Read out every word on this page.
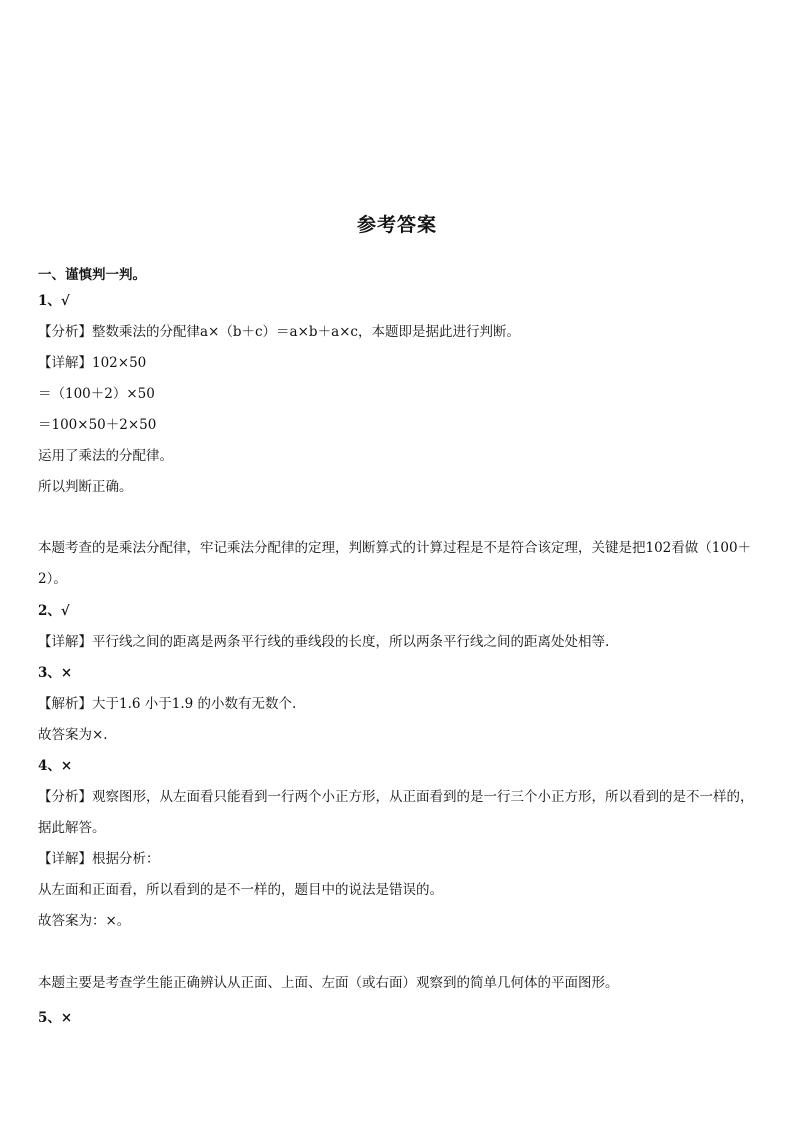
参考答案
一、谨慎判一判。
1、√
【分析】整数乘法的分配律a×（b＋c）＝a×b＋a×c，本题即是据此进行判断。
【详解】102×50
＝（100＋2）×50
＝100×50＋2×50
运用了乘法的分配律。
所以判断正确。
本题考查的是乘法分配律，牢记乘法分配律的定理，判断算式的计算过程是不是符合该定理，关键是把102看做（100＋2）。
2、√
【详解】平行线之间的距离是两条平行线的垂线段的长度，所以两条平行线之间的距离处处相等.
3、×
【解析】大于1.6 小于1.9 的小数有无数个.
故答案为×.
4、×
【分析】观察图形，从左面看只能看到一行两个小正方形，从正面看到的是一行三个小正方形，所以看到的是不一样的，据此解答。
【详解】根据分析：
从左面和正面看，所以看到的是不一样的，题目中的说法是错误的。
故答案为：×。
本题主要是考查学生能正确辨认从正面、上面、左面（或右面）观察到的简单几何体的平面图形。
5、×
